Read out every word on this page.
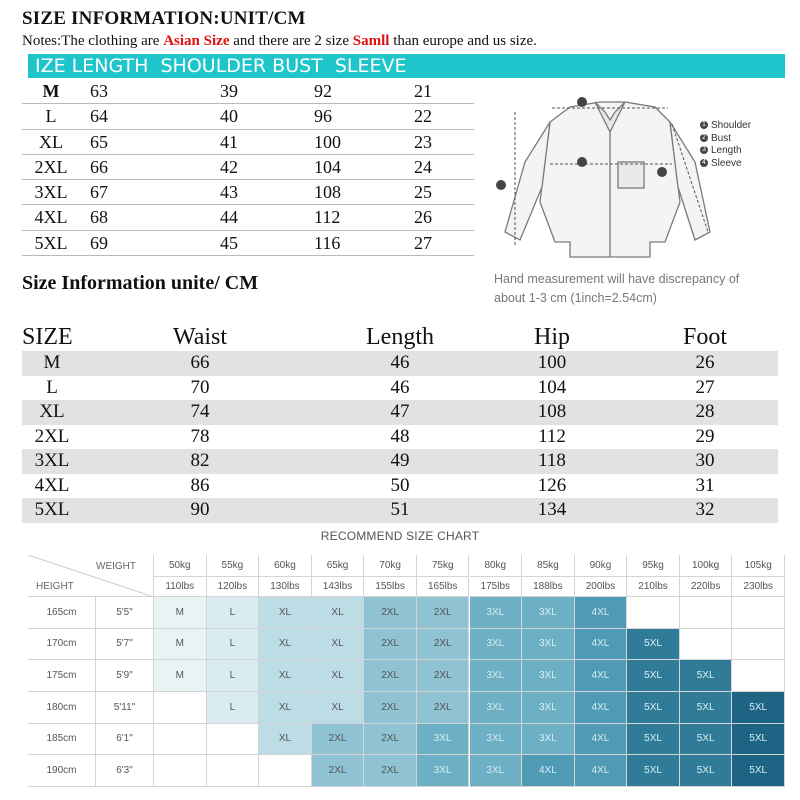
SIZE INFORMATION:UNIT/CM
Notes:The clothing are Asian Size and there are 2 size Samll than europe and us size.
IZE LENGTH  SHOULDER BUST  SLEEVE
M	63	39	92	21
L	64	40	96	22
XL 65	41	100	23
2XL 66	42	104	24
3XL 67	43	108	25
4XL 68	44	112	26
5XL 69	45	116	27
1 Shoulder
2 Bust
3 Length
4 Sleeve
Hand measurement will have discrepancy of
about 1-3 cm (1inch=2.54cm)
Size Information unite/ CM
SIZE	Waist	Length	Hip	Foot
M	66	46	100	26
L	70	46	104	27
XL	74	47	108	28
2XL	78	48	112	29
3XL	82	49	118	30
4XL	86	50	126	31
5XL	90	51	134	32
RECOMMEND SIZE CHART
WEIGHT
HEIGHT
50kg
110lbs
55kg
120lbs
60kg
130lbs
65kg
143lbs
70kg
155lbs
75kg
165lbs
80kg
175lbs
85kg
188lbs
90kg
200lbs
95kg
210lbs
100kg
220lbs
105kg
230lbs
165cm	5'5"	M	L	XL	XL	2XL	2XL	3XL	3XL	4XL
170cm	5'7"	M	L	XL	XL	2XL	2XL	3XL	3XL	4XL	5XL
175cm	5'9"	M	L	XL	XL	2XL	2XL	3XL	3XL	4XL	5XL	5XL
180cm	5'11"	L	XL	XL	2XL	2XL	3XL	3XL	4XL	5XL	5XL	5XL
185cm	6'1"	XL	2XL	2XL	3XL	3XL	3XL	4XL	5XL	5XL	5XL
190cm	6'3"	2XL	2XL	3XL	3XL	4XL	4XL	5XL	5XL	5XL
